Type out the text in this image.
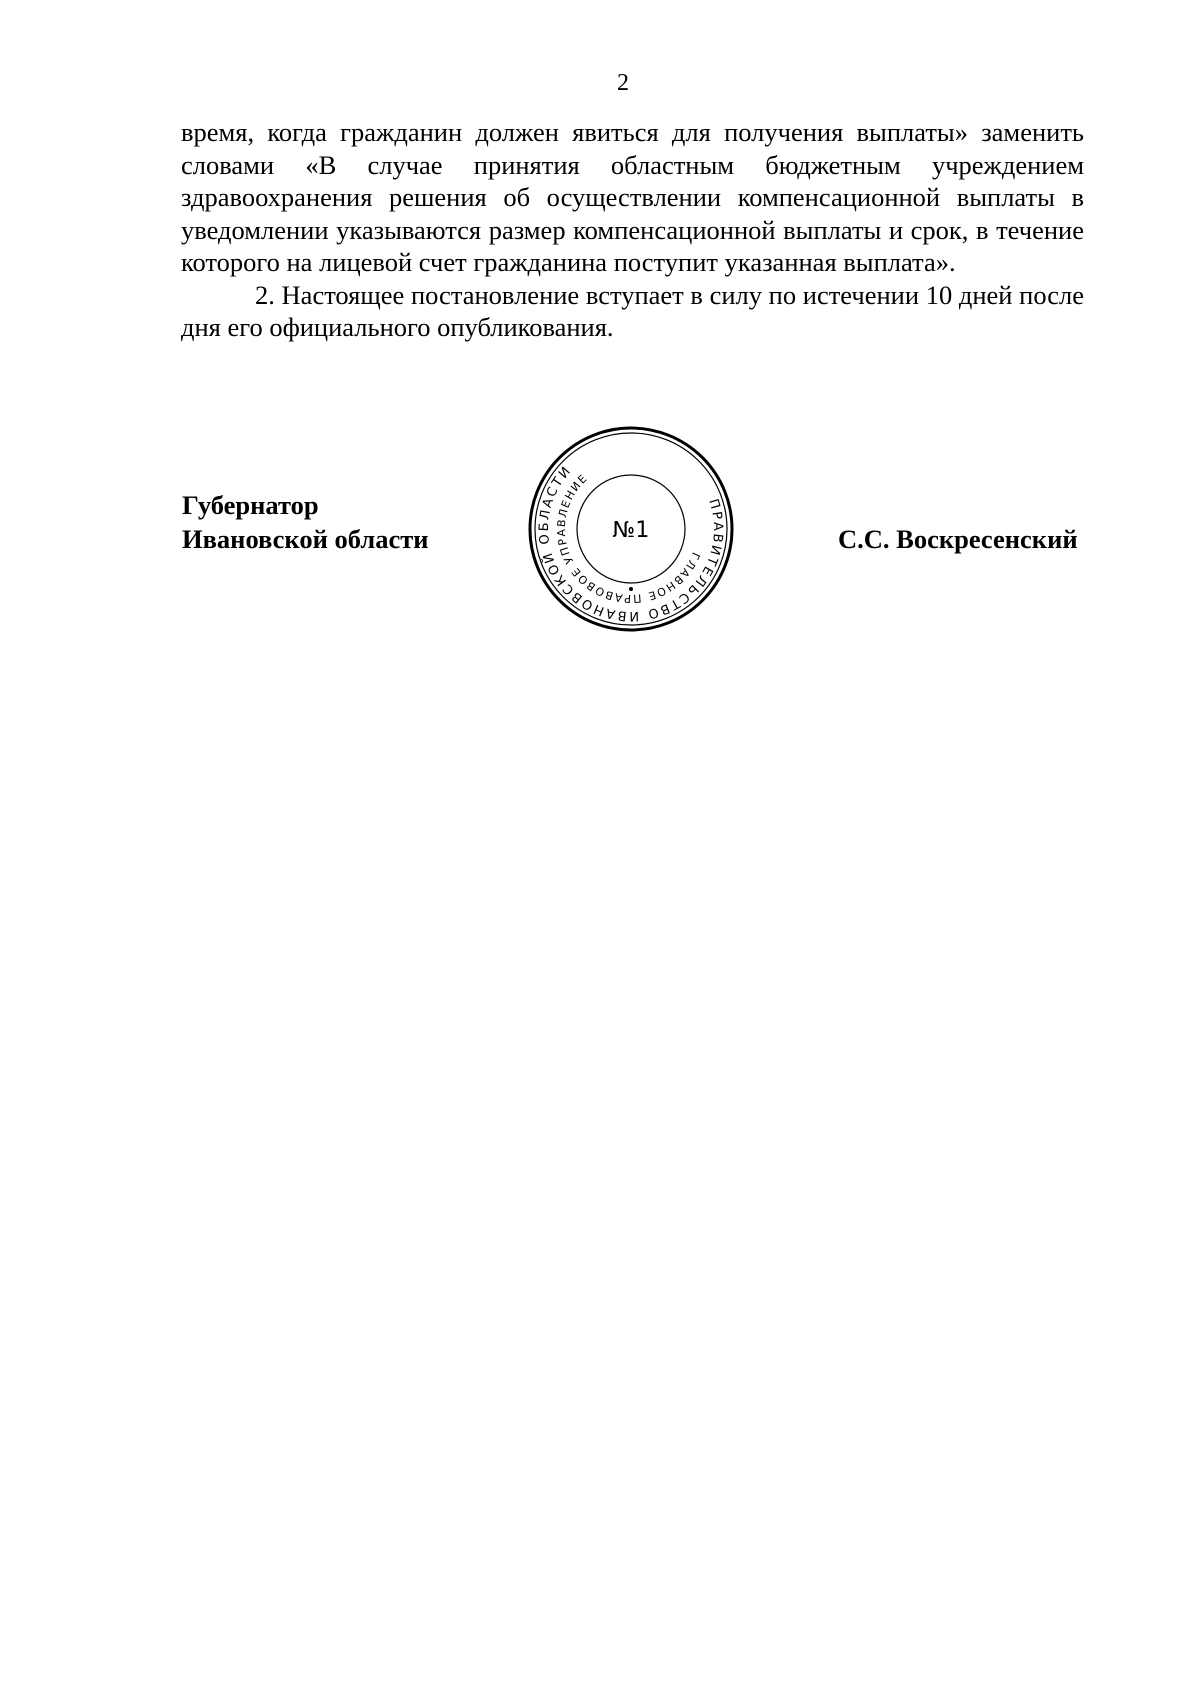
2

время, когда гражданин должен явиться для получения выплаты» заменить словами «В случае принятия областным бюджетным учреждением здравоохранения решения об осуществлении компенсационной выплаты в уведомлении указываются размер компенсационной выплаты и срок, в течение которого на лицевой счет гражданина поступит указанная выплата».

2. Настоящее постановление вступает в силу по истечении 10 дней после дня его официального опубликования.

Губернатор
Ивановской области	С.С. Воскресенский
ПРАВИТЕЛЬСТВО ИВАНОВСКОЙ ОБЛАСТИ
ГЛАВНОЕ ПРАВОВОЕ УПРАВЛЕНИЕ
№1
